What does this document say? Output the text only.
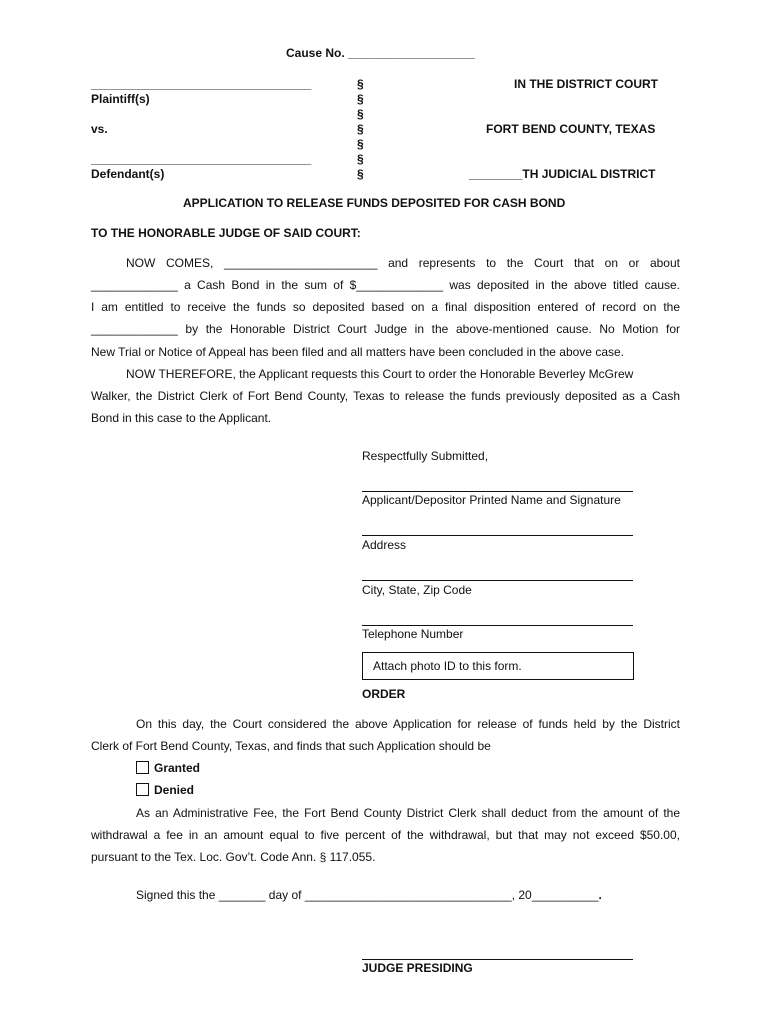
Cause No. ___________________
_________________________________
Plaintiff(s)
vs.
_________________________________
Defendant(s)
§
§
§
§
§
§
§
IN THE DISTRICT COURT
FORT BEND COUNTY, TEXAS
________TH JUDICIAL DISTRICT
APPLICATION TO RELEASE FUNDS DEPOSITED FOR CASH BOND
TO THE HONORABLE JUDGE OF SAID COURT:
NOW COMES, _______________________ and represents to the Court that on or about
_____________ a Cash Bond in the sum of $_____________ was deposited in the above titled cause.
I am entitled to receive the funds so deposited based on a final disposition entered of record on the
_____________ by the Honorable District Court Judge in the above-mentioned cause. No Motion for
New Trial or Notice of Appeal has been filed and all matters have been concluded in the above case.
NOW THEREFORE, the Applicant requests this Court to order the Honorable Beverley McGrew
Walker, the District Clerk of Fort Bend County, Texas to release the funds previously deposited as a Cash
Bond in this case to the Applicant.
Respectfully Submitted,
Applicant/Depositor Printed Name and Signature
Address
City, State, Zip Code
Telephone Number
Attach photo ID to this form.
ORDER
On this day, the Court considered the above Application for release of funds held by the District
Clerk of Fort Bend County, Texas, and finds that such Application should be
Granted
Denied
As an Administrative Fee, the Fort Bend County District Clerk shall deduct from the amount of the
withdrawal a fee in an amount equal to five percent of the withdrawal, but that may not exceed $50.00,
pursuant to the Tex. Loc. Gov’t. Code Ann. § 117.055.
Signed this the _______ day of _______________________________, 20__________.
JUDGE PRESIDING
